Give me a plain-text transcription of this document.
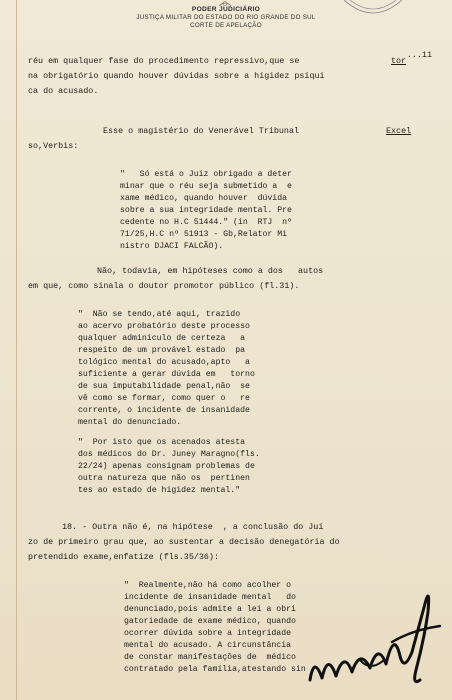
PODER JUDICIÁRIO
JUSTIÇA MILITAR DO ESTADO DO RIO GRANDE DO SUL
CORTE DE APELAÇÃO
...11
réu em qualquer fase do procedimento repressivo,que se	tor
na obrigatório quando houver dúvidas sobre a higidez psíqui
ca do acusado.
Esse o magistério do Venerável Tribunal	Excel
so,Verbis:
"   Só está o Juiz obrigado a deter
minar que o réu seja submetido a  e
xame médico, quando houver  dúvida
sobre a sua integridade mental. Pre
cedente no H.C 51444." (in  RTJ  nº
71/25,H.C nº 51913 - Gb,Relator Mi
nistro DJACI FALCÃO).
Não, todavia, em hipóteses como a dos   autos
em que, como sinala o doutor promotor público (fl.31).
"  Não se tendo,até aqui, trazido
ao acervo probatório deste processo
qualquer adminículo de certeza   a
respeito de um provável estado  pa
tológico mental do acusado,apto   a
suficiente a gerar dúvida em   torno
de sua imputabilidade penal,não  se
vê como se formar, como quer o   re
corrente, o incidente de insanidade
mental do denunciado.
"  Por isto que os acenados atesta
dos médicos do Dr. Juney Maragno(fls.
22/24) apenas consignam problemas de
outra natureza que não os  pertinen
tes ao estado de higidez mental."
18. - Outra não é, na hipótese  , a conclusão do Juí
zo de primeiro grau que, ao sustentar a decisão denegatória do
pretendido exame,enfatize (fls.35/36):
"  Realmente,não há como acolher o
incidente de insanidade mental   do
denunciado,pois admite a lei a obri
gatoriedade de exame médico, quando
ocorrer dúvida sobre a integridade
mental do acusado. A circunstância
de constar manifestações de  médico
contratado pela família,atestando sin
